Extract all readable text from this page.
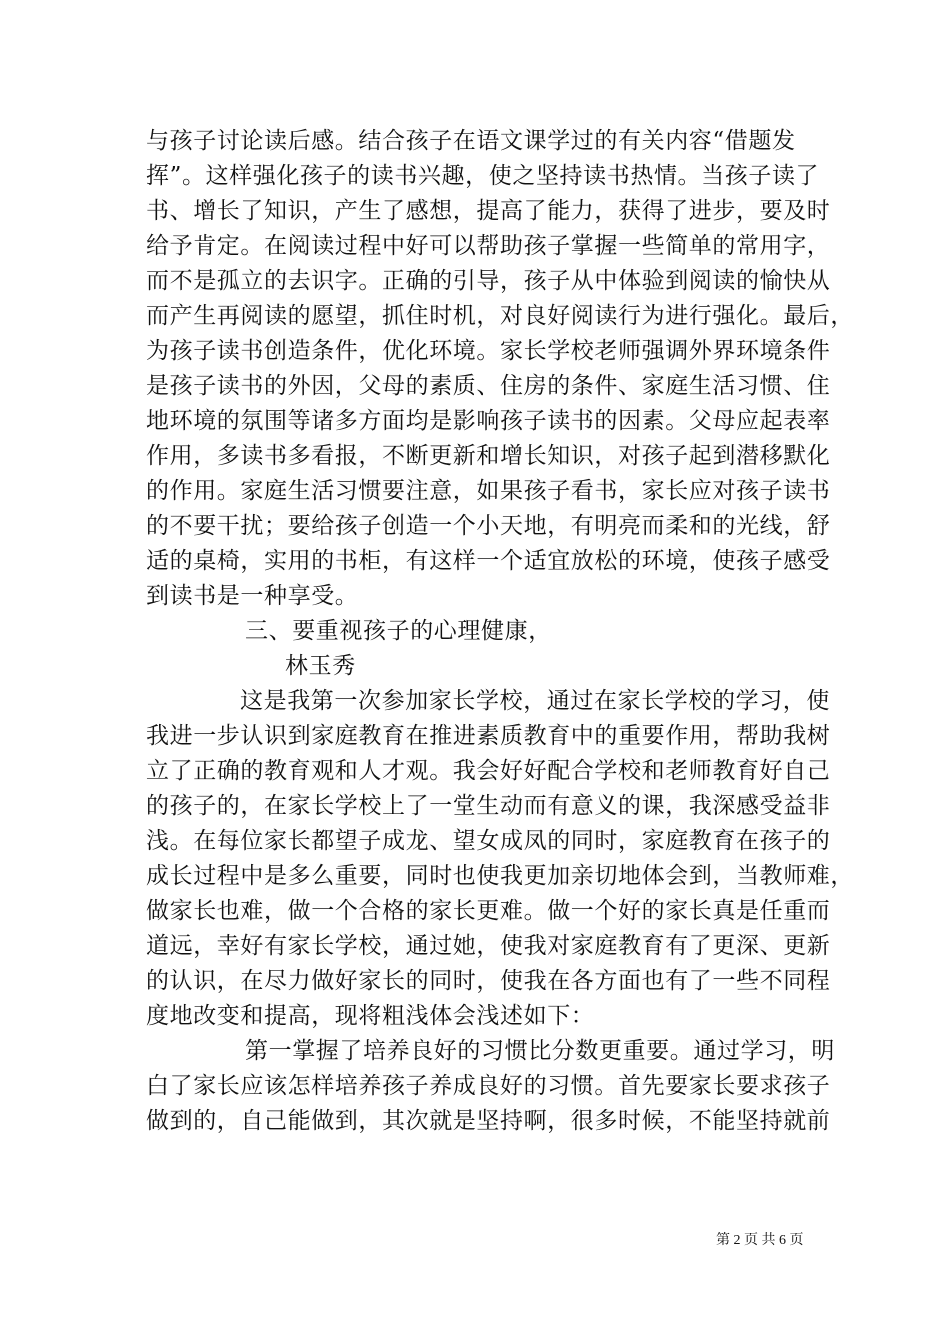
与孩子讨论读后感。结合孩子在语文课学过的有关内容“借题发
挥”。这样强化孩子的读书兴趣，使之坚持读书热情。当孩子读了
书、增长了知识，产生了感想，提高了能力，获得了进步，要及时
给予肯定。在阅读过程中好可以帮助孩子掌握一些简单的常用字，
而不是孤立的去识字。正确的引导，孩子从中体验到阅读的愉快从
而产生再阅读的愿望，抓住时机，对良好阅读行为进行强化。最后，
为孩子读书创造条件，优化环境。家长学校老师强调外界环境条件
是孩子读书的外因，父母的素质、住房的条件、家庭生活习惯、住
地环境的氛围等诸多方面均是影响孩子读书的因素。父母应起表率
作用，多读书多看报，不断更新和增长知识，对孩子起到潜移默化
的作用。家庭生活习惯要注意，如果孩子看书，家长应对孩子读书
的不要干扰；要给孩子创造一个小天地，有明亮而柔和的光线，舒
适的桌椅，实用的书柜，有这样一个适宜放松的环境，使孩子感受
到读书是一种享受。
三、要重视孩子的心理健康，
林玉秀
这是我第一次参加家长学校，通过在家长学校的学习，使
我进一步认识到家庭教育在推进素质教育中的重要作用，帮助我树
立了正确的教育观和人才观。我会好好配合学校和老师教育好自己
的孩子的，在家长学校上了一堂生动而有意义的课，我深感受益非
浅。在每位家长都望子成龙、望女成凤的同时，家庭教育在孩子的
成长过程中是多么重要，同时也使我更加亲切地体会到，当教师难，
做家长也难，做一个合格的家长更难。做一个好的家长真是任重而
道远，幸好有家长学校，通过她，使我对家庭教育有了更深、更新
的认识，在尽力做好家长的同时，使我在各方面也有了一些不同程
度地改变和提高，现将粗浅体会浅述如下：
第一掌握了培养良好的习惯比分数更重要。通过学习，明
白了家长应该怎样培养孩子养成良好的习惯。首先要家长要求孩子
做到的，自己能做到，其次就是坚持啊，很多时候，不能坚持就前
第 2 页 共 6 页
